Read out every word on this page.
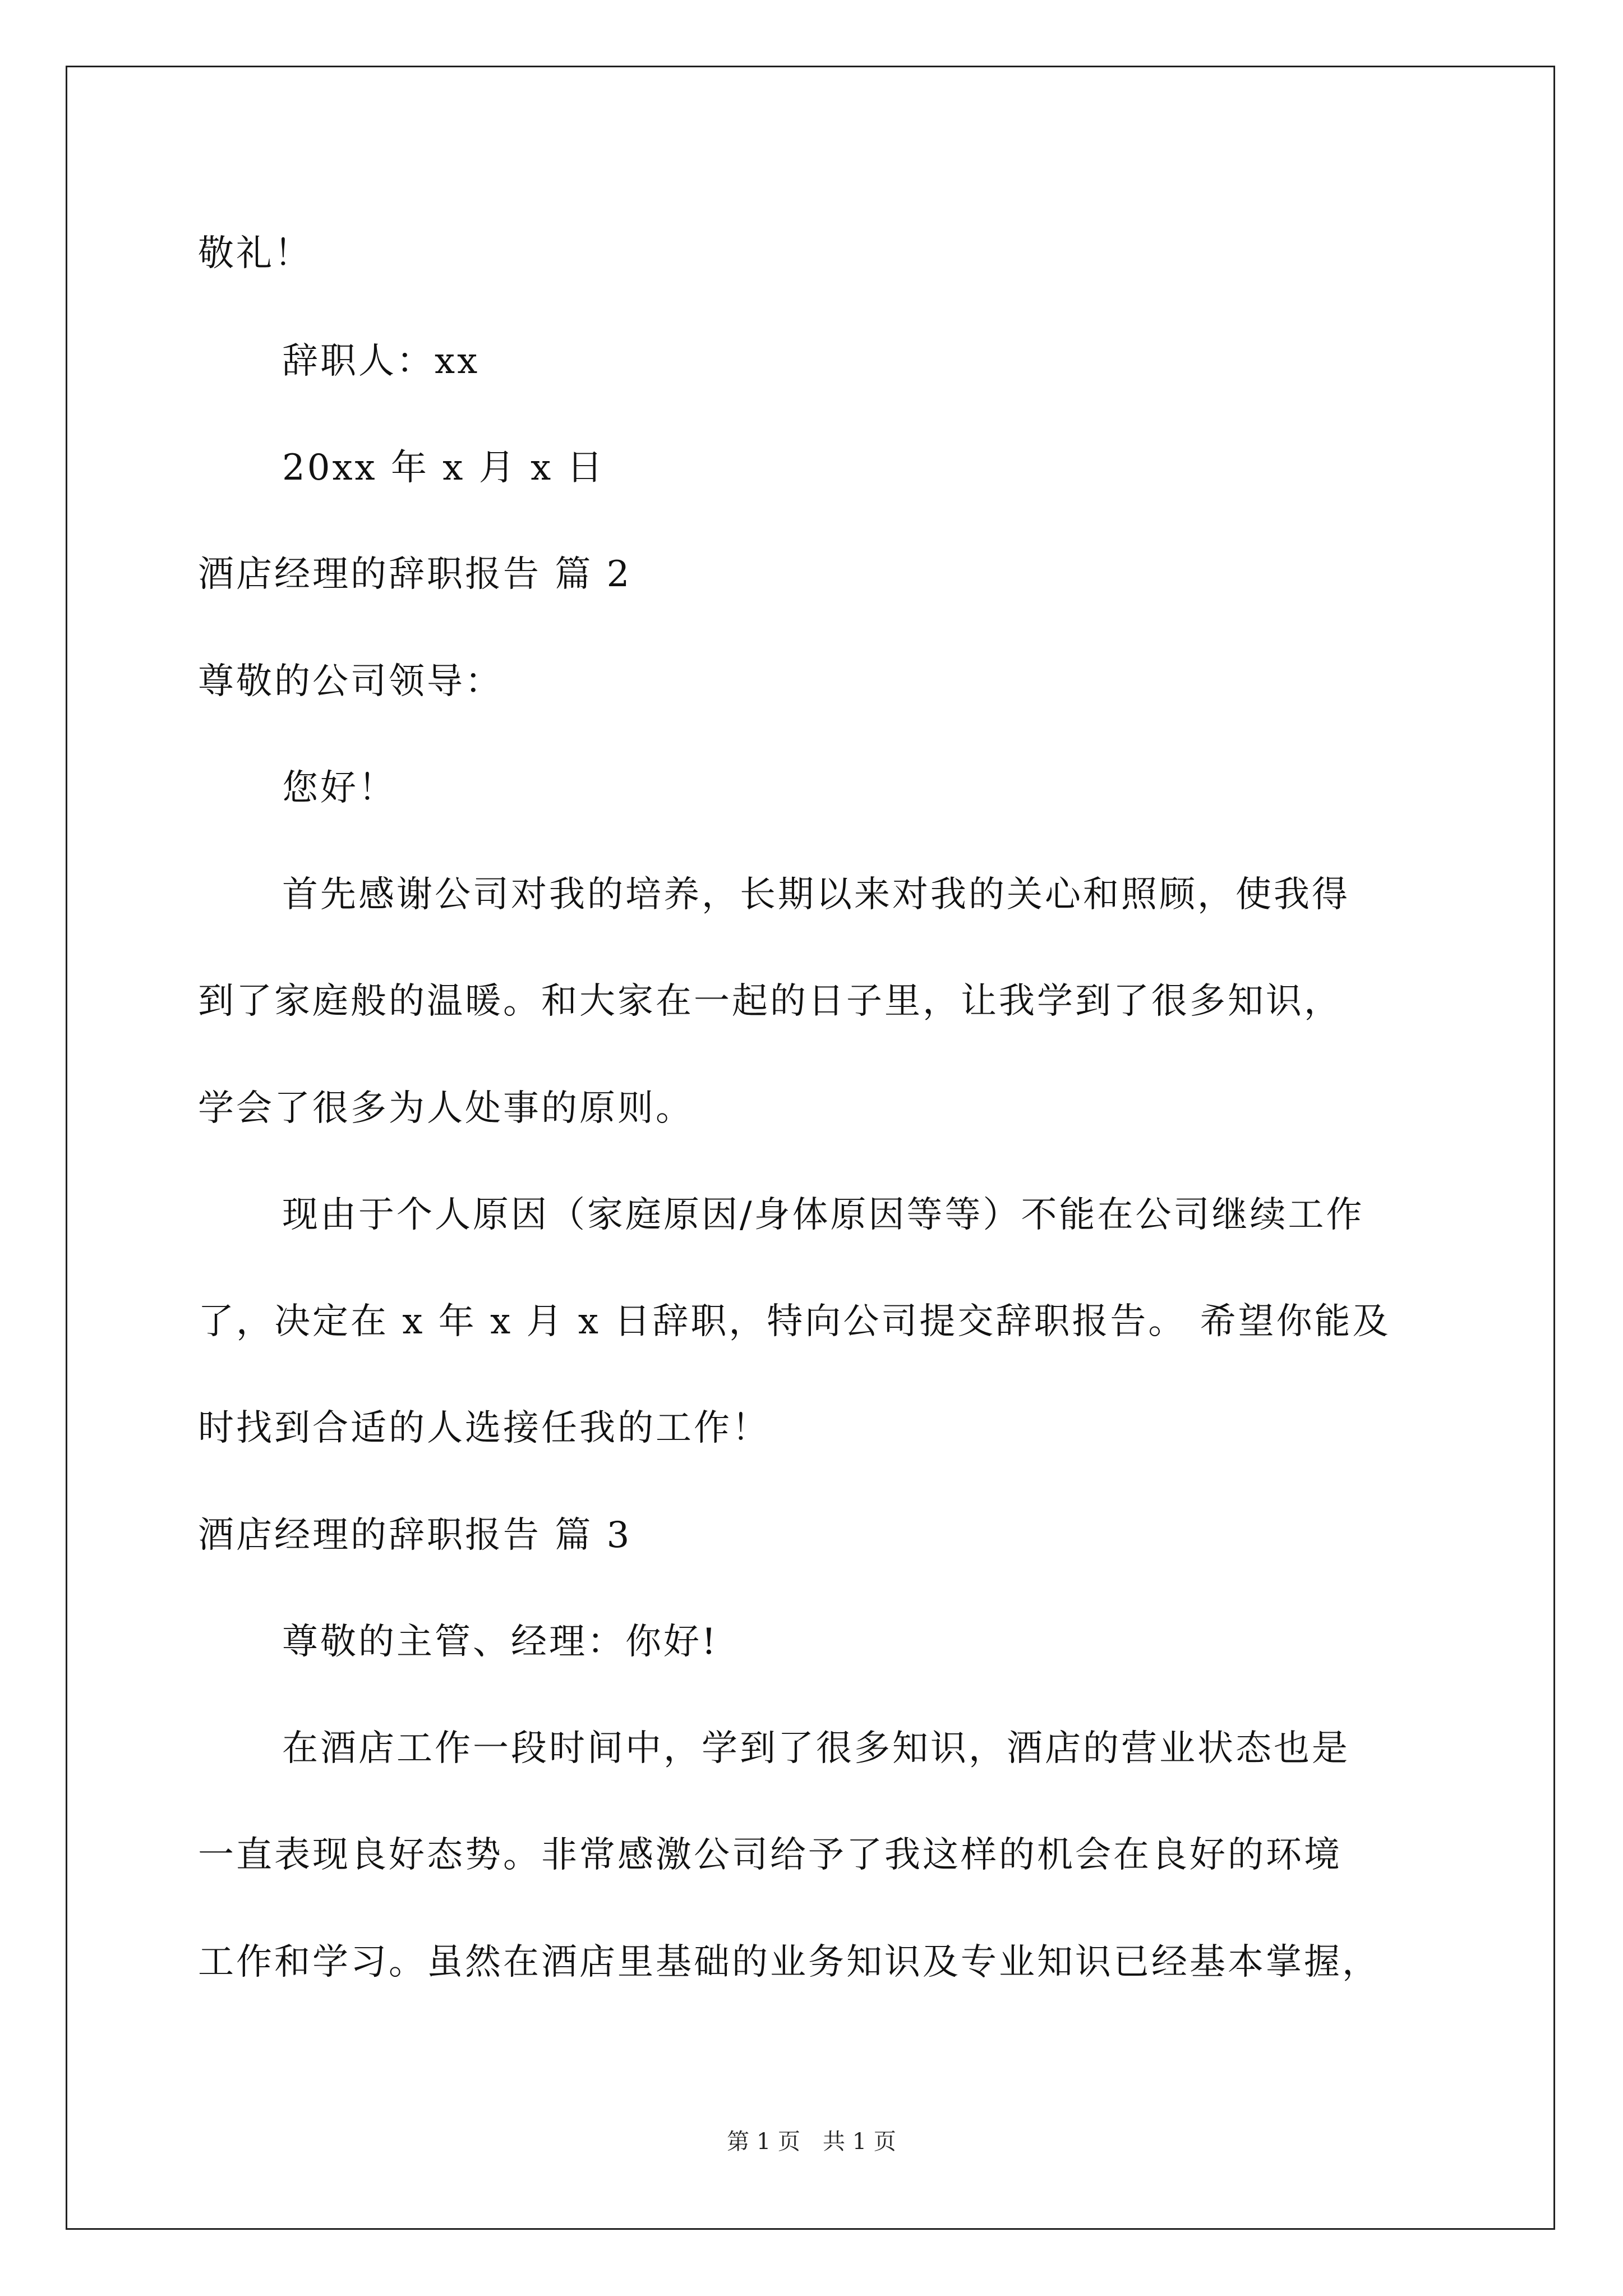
敬礼！
辞职人：xx
20xx 年 x 月 x 日
酒店经理的辞职报告 篇 2
尊敬的公司领导：
您好！
首先感谢公司对我的培养，长期以来对我的关心和照顾，使我得
到了家庭般的温暖。和大家在一起的日子里，让我学到了很多知识，
学会了很多为人处事的原则。
现由于个人原因（家庭原因/身体原因等等）不能在公司继续工作
了，决定在 x 年 x 月 x 日辞职，特向公司提交辞职报告。 希望你能及
时找到合适的人选接任我的工作！
酒店经理的辞职报告 篇 3
尊敬的主管、经理：你好!
在酒店工作一段时间中，学到了很多知识，酒店的营业状态也是
一直表现良好态势。非常感激公司给予了我这样的机会在良好的环境
工作和学习。虽然在酒店里基础的业务知识及专业知识已经基本掌握，
第 1 页　共 1 页
